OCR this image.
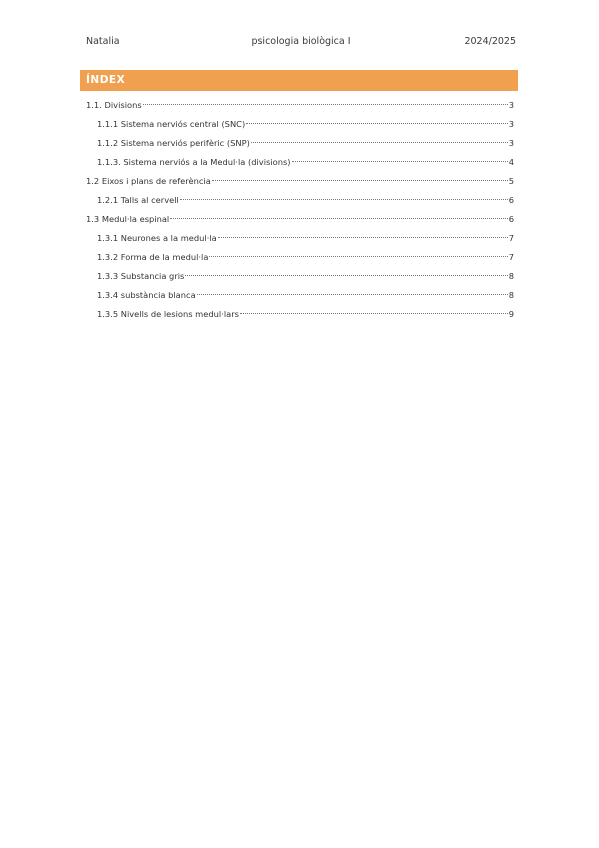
Natalia	psicologia biològica I	2024/2025
ÍNDEX
1.1. Divisions	3
1.1.1 Sistema nerviós central (SNC)	3
1.1.2 Sistema nerviós perifèric (SNP)	3
1.1.3. Sistema nerviós a la Medul·la (divisions)	4
1.2 Eixos i plans de referència	5
1.2.1 Talls al cervell	6
1.3 Medul·la espinal	6
1.3.1 Neurones a la medul·la	7
1.3.2 Forma de la medul·la	7
1.3.3 Substancia gris	8
1.3.4 substància blanca	8
1.3.5 Nivells de lesions medul·lars	9
